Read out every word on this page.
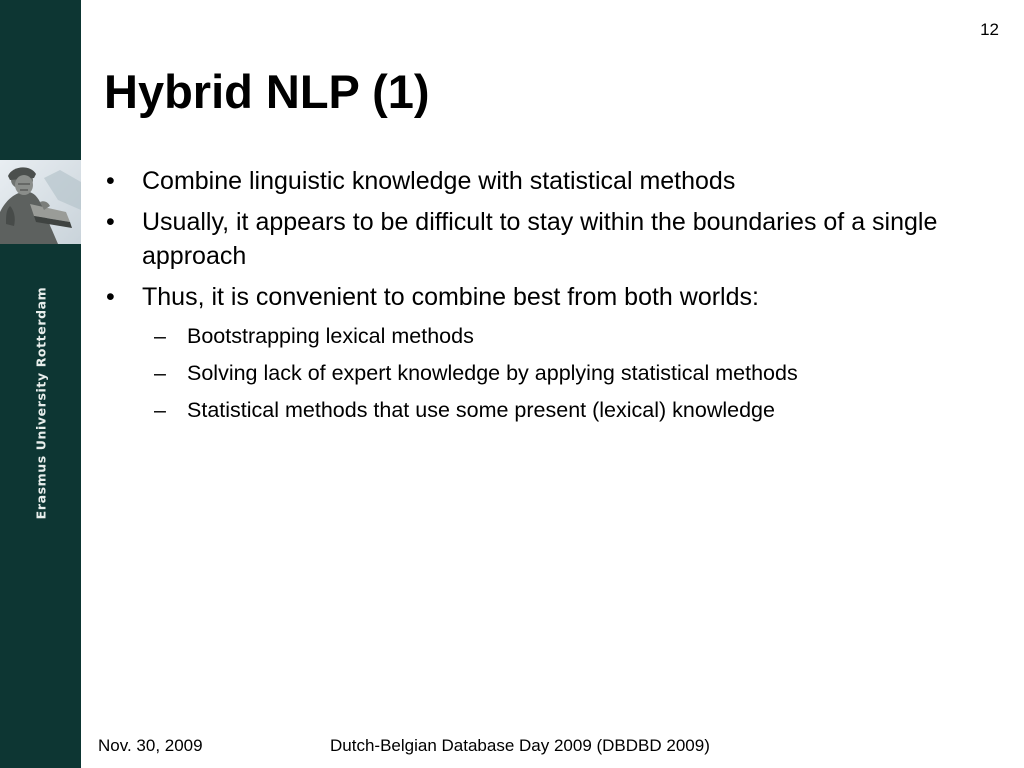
Erasmus University Rotterdam
12
Hybrid NLP (1)
• Combine linguistic knowledge with statistical methods
• Usually, it appears to be difficult to stay within the boundaries of a single approach
• Thus, it is convenient to combine best from both worlds:
– Bootstrapping lexical methods
– Solving lack of expert knowledge by applying statistical methods
– Statistical methods that use some present (lexical) knowledge
Nov. 30, 2009	Dutch-Belgian Database Day 2009 (DBDBD 2009)
